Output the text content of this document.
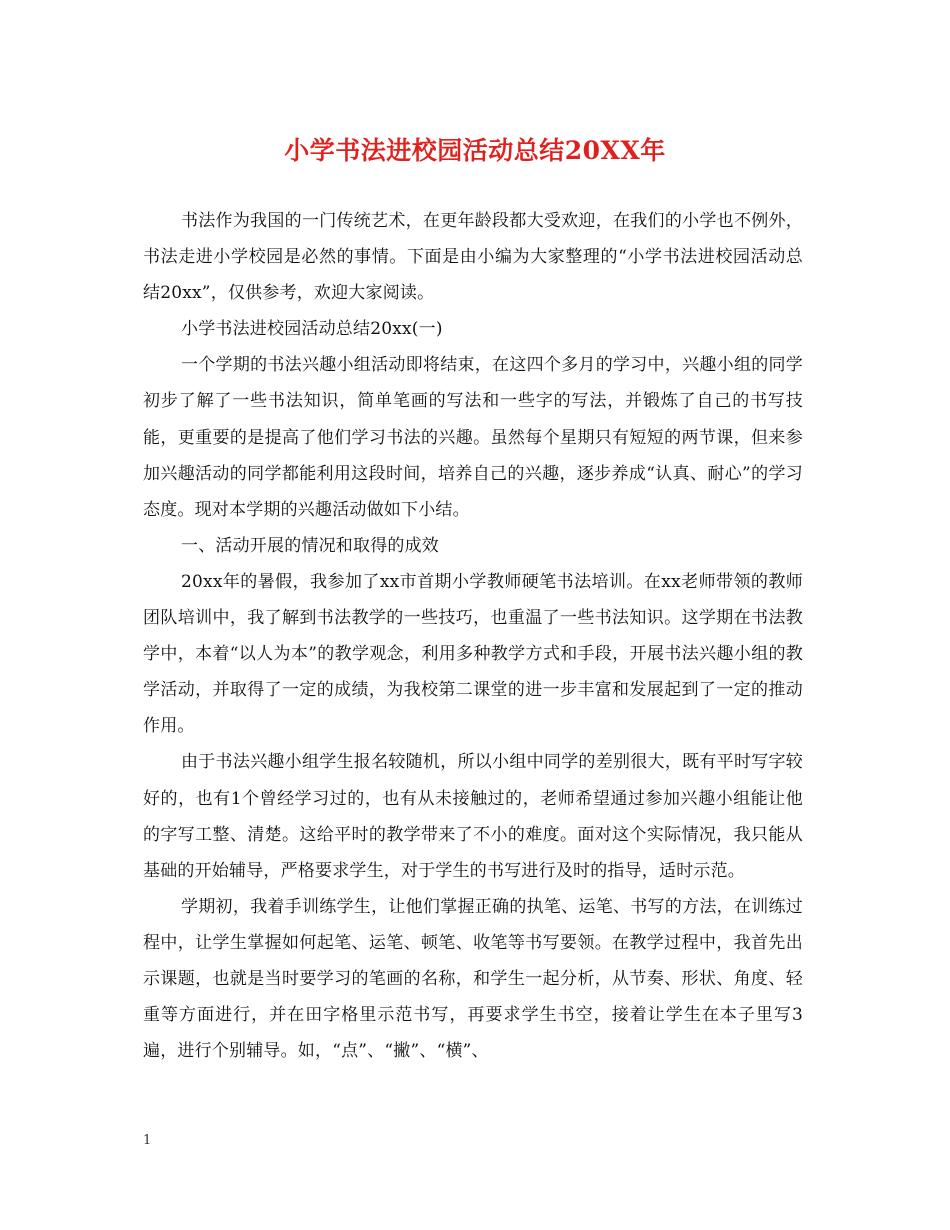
小学书法进校园活动总结20XX年

书法作为我国的一门传统艺术，在更年龄段都大受欢迎，在我们的小学也不例外，书法走进小学校园是必然的事情。下面是由小编为大家整理的“小学书法进校园活动总结20xx”，仅供参考，欢迎大家阅读。

小学书法进校园活动总结20xx(一)

一个学期的书法兴趣小组活动即将结束，在这四个多月的学习中，兴趣小组的同学初步了解了一些书法知识，简单笔画的写法和一些字的写法，并锻炼了自己的书写技能，更重要的是提高了他们学习书法的兴趣。虽然每个星期只有短短的两节课，但来参加兴趣活动的同学都能利用这段时间，培养自己的兴趣，逐步养成“认真、耐心”的学习态度。现对本学期的兴趣活动做如下小结。

一、活动开展的情况和取得的成效

20xx年的暑假，我参加了xx市首期小学教师硬笔书法培训。在xx老师带领的教师团队培训中，我了解到书法教学的一些技巧，也重温了一些书法知识。这学期在书法教学中，本着“以人为本”的教学观念，利用多种教学方式和手段，开展书法兴趣小组的教学活动，并取得了一定的成绩，为我校第二课堂的进一步丰富和发展起到了一定的推动作用。

由于书法兴趣小组学生报名较随机，所以小组中同学的差别很大，既有平时写字较好的，也有1个曾经学习过的，也有从未接触过的，老师希望通过参加兴趣小组能让他的字写工整、清楚。这给平时的教学带来了不小的难度。面对这个实际情况，我只能从基础的开始辅导，严格要求学生，对于学生的书写进行及时的指导，适时示范。

学期初，我着手训练学生，让他们掌握正确的执笔、运笔、书写的方法，在训练过程中，让学生掌握如何起笔、运笔、顿笔、收笔等书写要领。在教学过程中，我首先出示课题，也就是当时要学习的笔画的名称，和学生一起分析，从节奏、形状、角度、轻重等方面进行，并在田字格里示范书写，再要求学生书空，接着让学生在本子里写3遍，进行个别辅导。如，“点”、“撇”、“横”、

1
